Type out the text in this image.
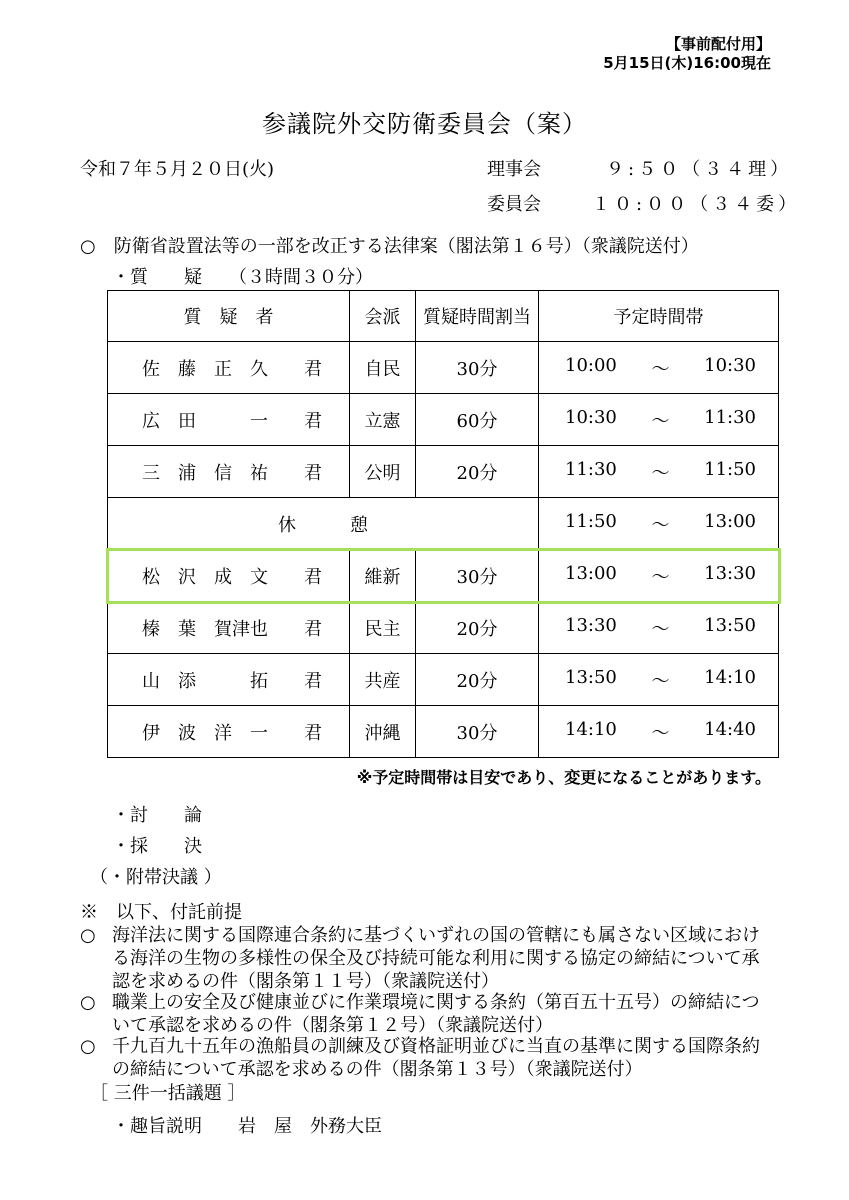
【事前配付用】
5月15日(木)16:00現在
参議院外交防衛委員会（案）
令和７年５月２０日(火)	理事会	９:５０（３４理）
委員会	１０:００（３４委）
○　防衛省設置法等の一部を改正する法律案（閣法第１６号）（衆議院送付）
・質　　疑　　（３時間３０分）
質　疑　者	会派	質疑時間割当	予定時間帯
佐　藤　正　久　　君	自民	30分	10:00 〜 10:30

広　田　　　一　　君	立憲	60分	10:30 〜 11:30

三　浦　信　祐　　君	公明	20分	11:30 〜 11:50

休　　　憩			11:50 〜 13:00

松　沢　成　文　　君	維新	30分	13:00 〜 13:30

榛　葉　賀津也　　君	民主	20分	13:30 〜 13:50

山　添　　　拓　　君	共産	20分	13:50 〜 14:10

伊　波　洋　一　　君	沖縄	30分	14:10 〜 14:40
※予定時間帯は目安であり、変更になることがあります。
・討　　論
・採　　決
（・附帯決議 ）
※　以下、付託前提
○ 海洋法に関する国際連合条約に基づくいずれの国の管轄にも属さない区域における海洋の生物の多様性の保全及び持続可能な利用に関する協定の締結について承認を求めるの件（閣条第１１号）（衆議院送付）
○ 職業上の安全及び健康並びに作業環境に関する条約（第百五十五号）の締結について承認を求めるの件（閣条第１２号）（衆議院送付）
○ 千九百九十五年の漁船員の訓練及び資格証明並びに当直の基準に関する国際条約の締結について承認を求めるの件（閣条第１３号）（衆議院送付）
［ 三件一括議題 ］
・趣旨説明　　岩　屋　外務大臣
